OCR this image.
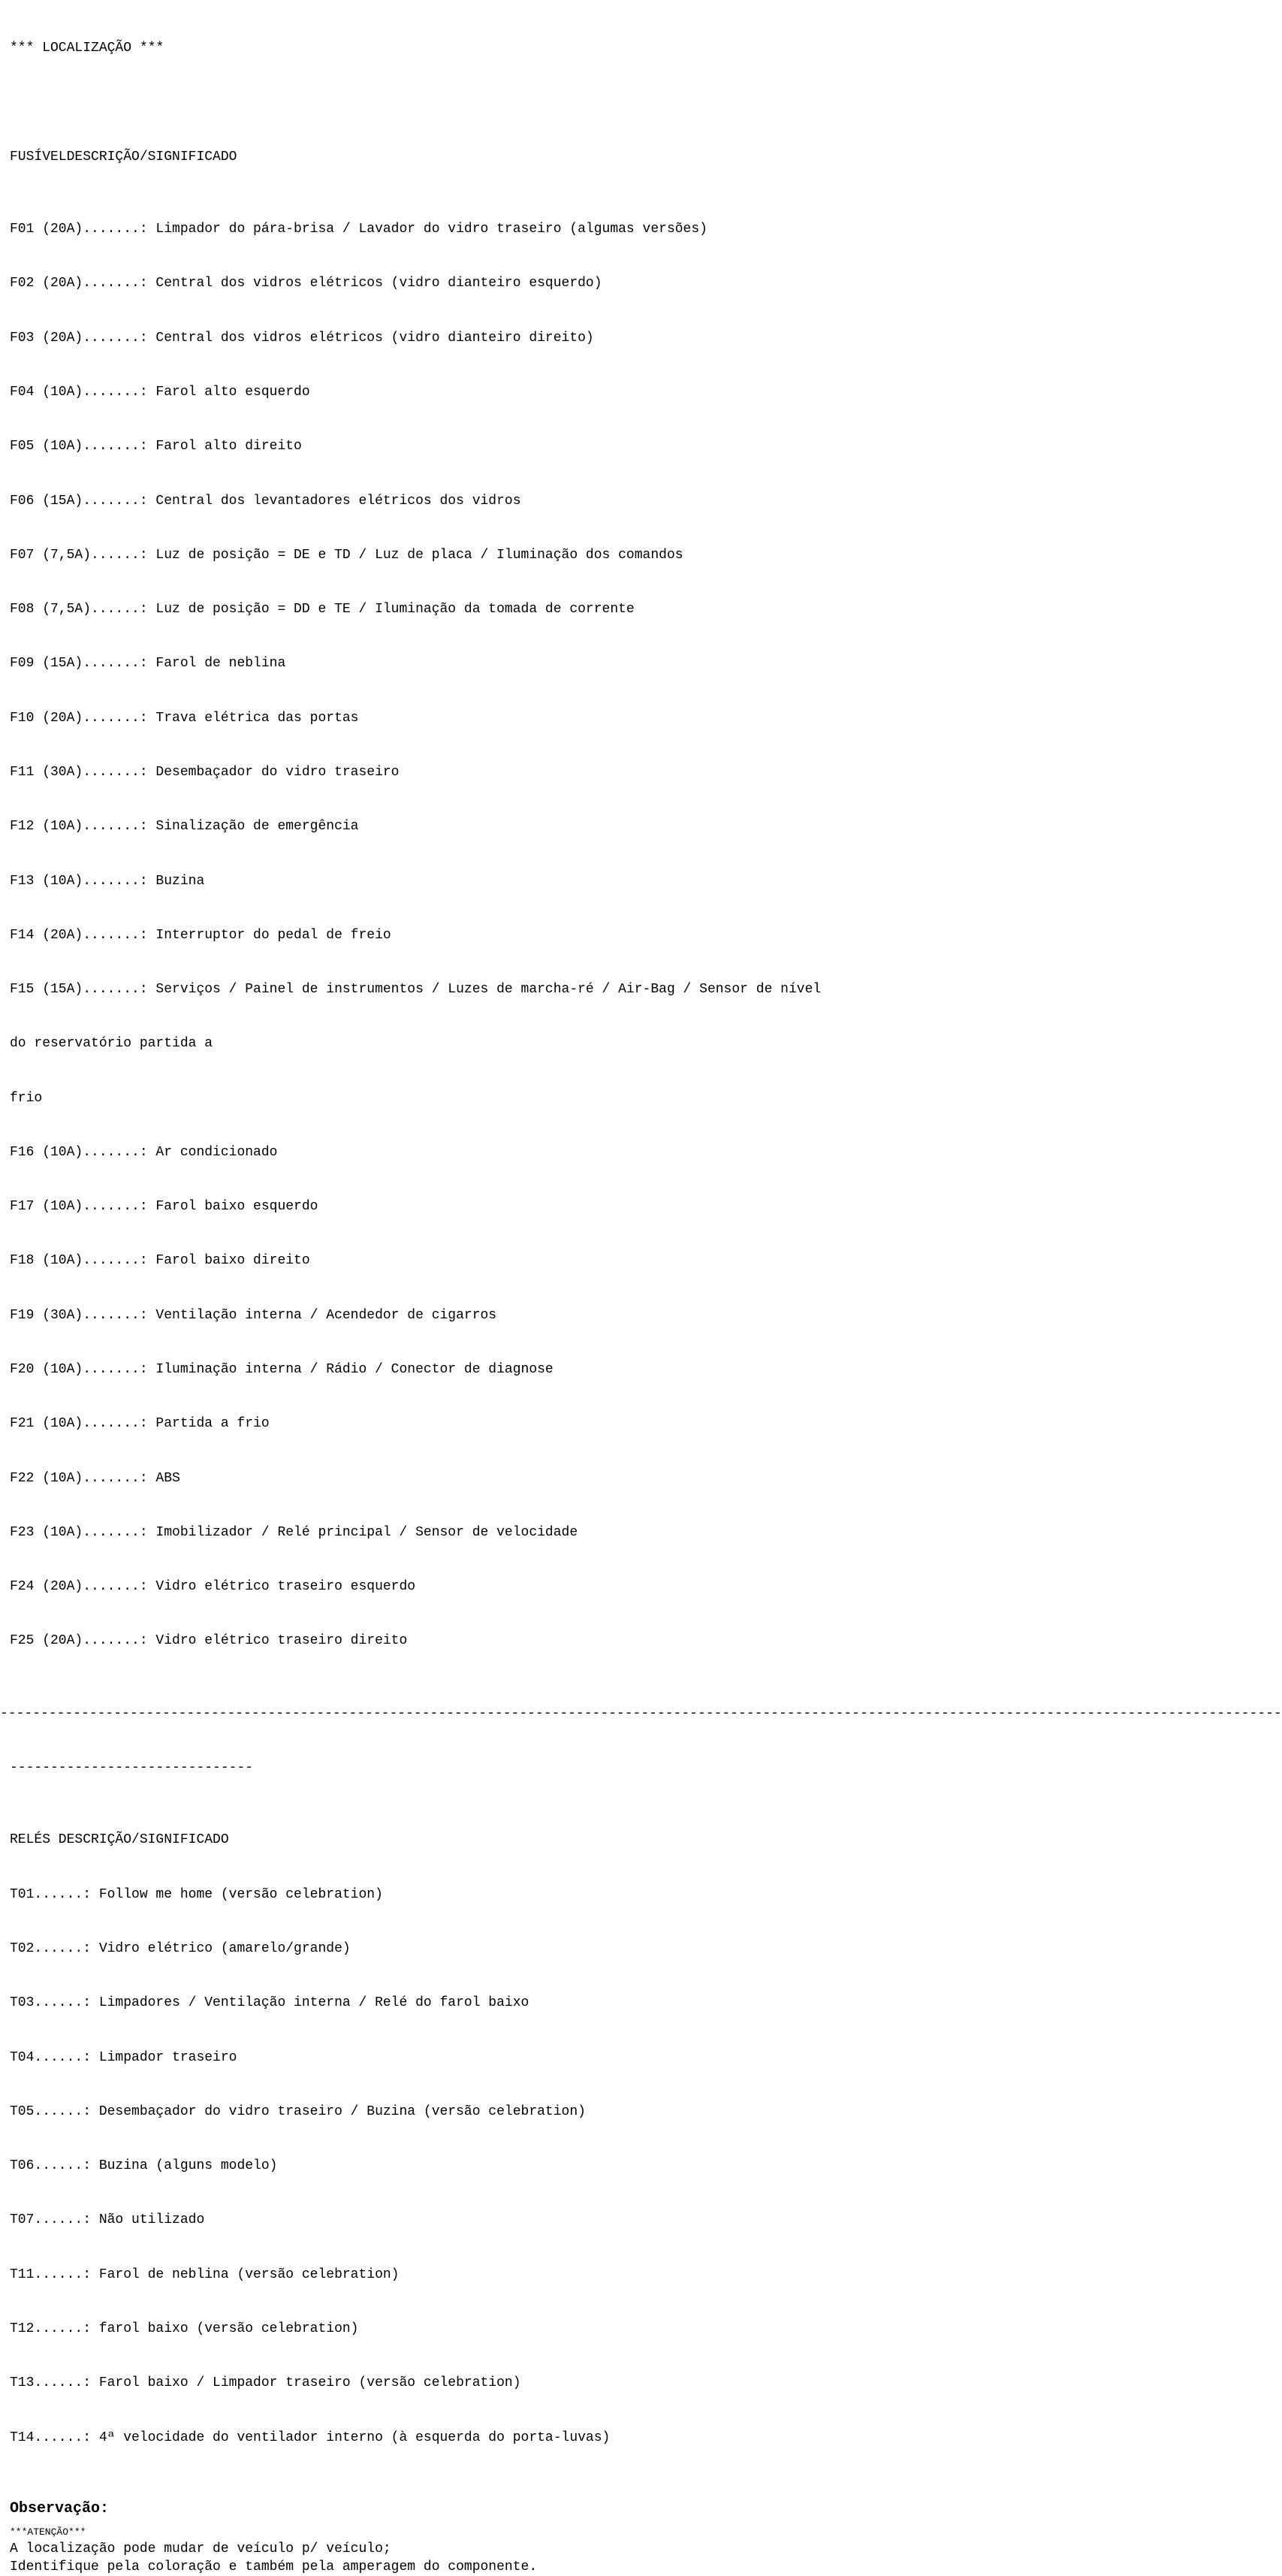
*** LOCALIZAÇÃO ***

FUSÍVELDESCRIÇÃO/SIGNIFICADO

F01 (20A).......: Limpador do pára-brisa / Lavador do vidro traseiro (algumas versões)

F02 (20A).......: Central dos vidros elétricos (vidro dianteiro esquerdo)

F03 (20A).......: Central dos vidros elétricos (vidro dianteiro direito)

F04 (10A).......: Farol alto esquerdo

F05 (10A).......: Farol alto direito

F06 (15A).......: Central dos levantadores elétricos dos vidros

F07 (7,5A)......: Luz de posição = DE e TD / Luz de placa / Iluminação dos comandos

F08 (7,5A)......: Luz de posição = DD e TE / Iluminação da tomada de corrente

F09 (15A).......: Farol de neblina

F10 (20A).......: Trava elétrica das portas

F11 (30A).......: Desembaçador do vidro traseiro

F12 (10A).......: Sinalização de emergência

F13 (10A).......: Buzina

F14 (20A).......: Interruptor do pedal de freio

F15 (15A).......: Serviços / Painel de instrumentos / Luzes de marcha-ré / Air-Bag / Sensor de nível

do reservatório partida a

frio

F16 (10A).......: Ar condicionado

F17 (10A).......: Farol baixo esquerdo

F18 (10A).......: Farol baixo direito

F19 (30A).......: Ventilação interna / Acendedor de cigarros

F20 (10A).......: Iluminação interna / Rádio / Conector de diagnose

F21 (10A).......: Partida a frio

F22 (10A).......: ABS

F23 (10A).......: Imobilizador / Relé principal / Sensor de velocidade

F24 (20A).......: Vidro elétrico traseiro esquerdo

F25 (20A).......: Vidro elétrico traseiro direito

--------------------------------------------------------------------------------------------------------------------------------------------------------------

------------------------------

RELÉS DESCRIÇÃO/SIGNIFICADO

T01......: Follow me home (versão celebration)

T02......: Vidro elétrico (amarelo/grande)

T03......: Limpadores / Ventilação interna / Relé do farol baixo

T04......: Limpador traseiro

T05......: Desembaçador do vidro traseiro / Buzina (versão celebration)

T06......: Buzina (alguns modelo)

T07......: Não utilizado

T11......: Farol de neblina (versão celebration)

T12......: farol baixo (versão celebration)

T13......: Farol baixo / Limpador traseiro (versão celebration)

T14......: 4ª velocidade do ventilador interno (à esquerda do porta-luvas)

Observação:
***ATENÇÃO***
A localização pode mudar de veículo p/ veículo;
Identifique pela coloração e também pela amperagem do componente.
